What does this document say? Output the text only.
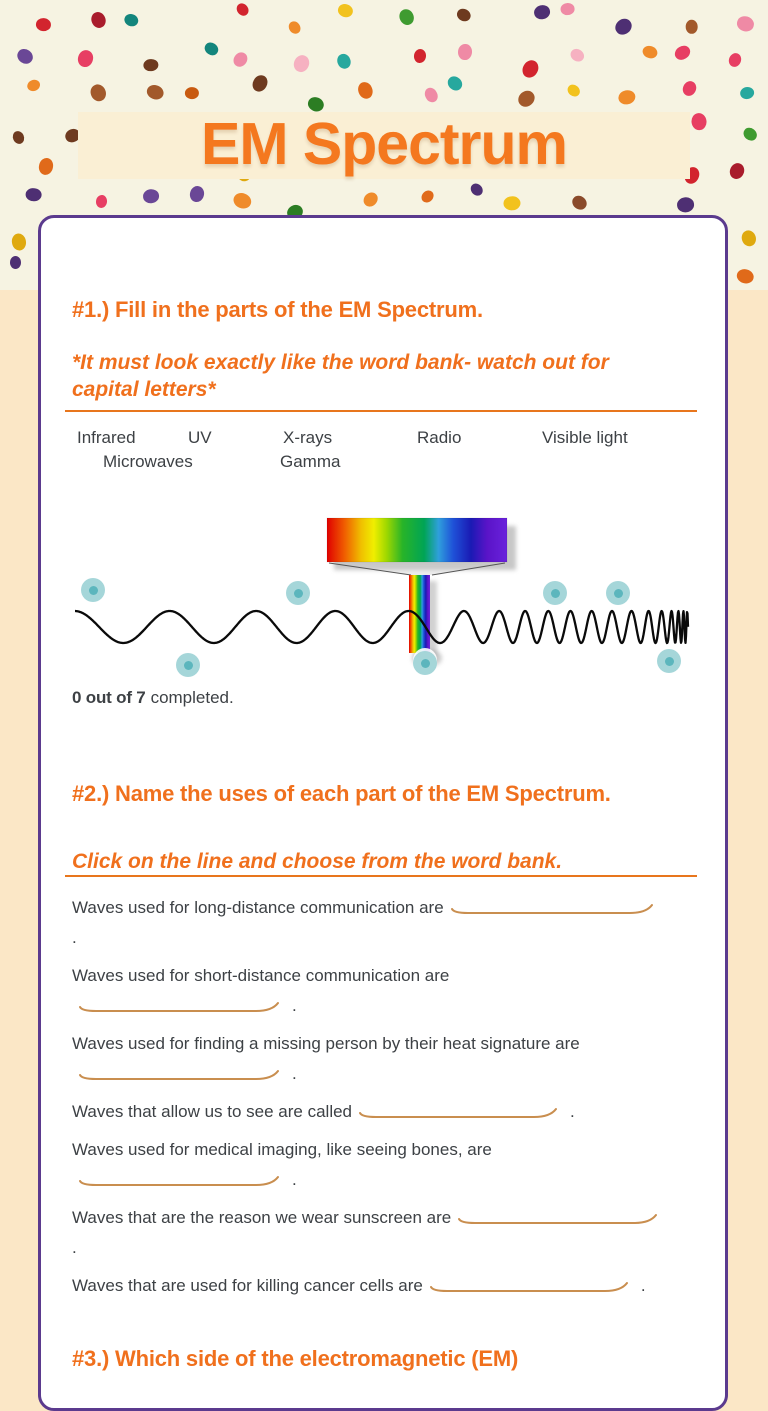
EM Spectrum
#1.) Fill in the parts of the EM Spectrum.
*It must look exactly like the word bank- watch out for capital letters*
Infrared	UV	X-rays	Radio	Visible light
Microwaves	Gamma
0 out of 7 completed.
#2.) Name the uses of each part of the EM Spectrum.
Click on the line and choose from the word bank.

Waves used for long-distance communication are
.

Waves used for short-distance communication are
.

Waves used for finding a missing person by their heat signature are
.

Waves that allow us to see are called	.

Waves used for medical imaging, like seeing bones, are
.

Waves that are the reason we wear sunscreen are
.

Waves that are used for killing cancer cells are	.

#3.) Which side of the electromagnetic (EM)
